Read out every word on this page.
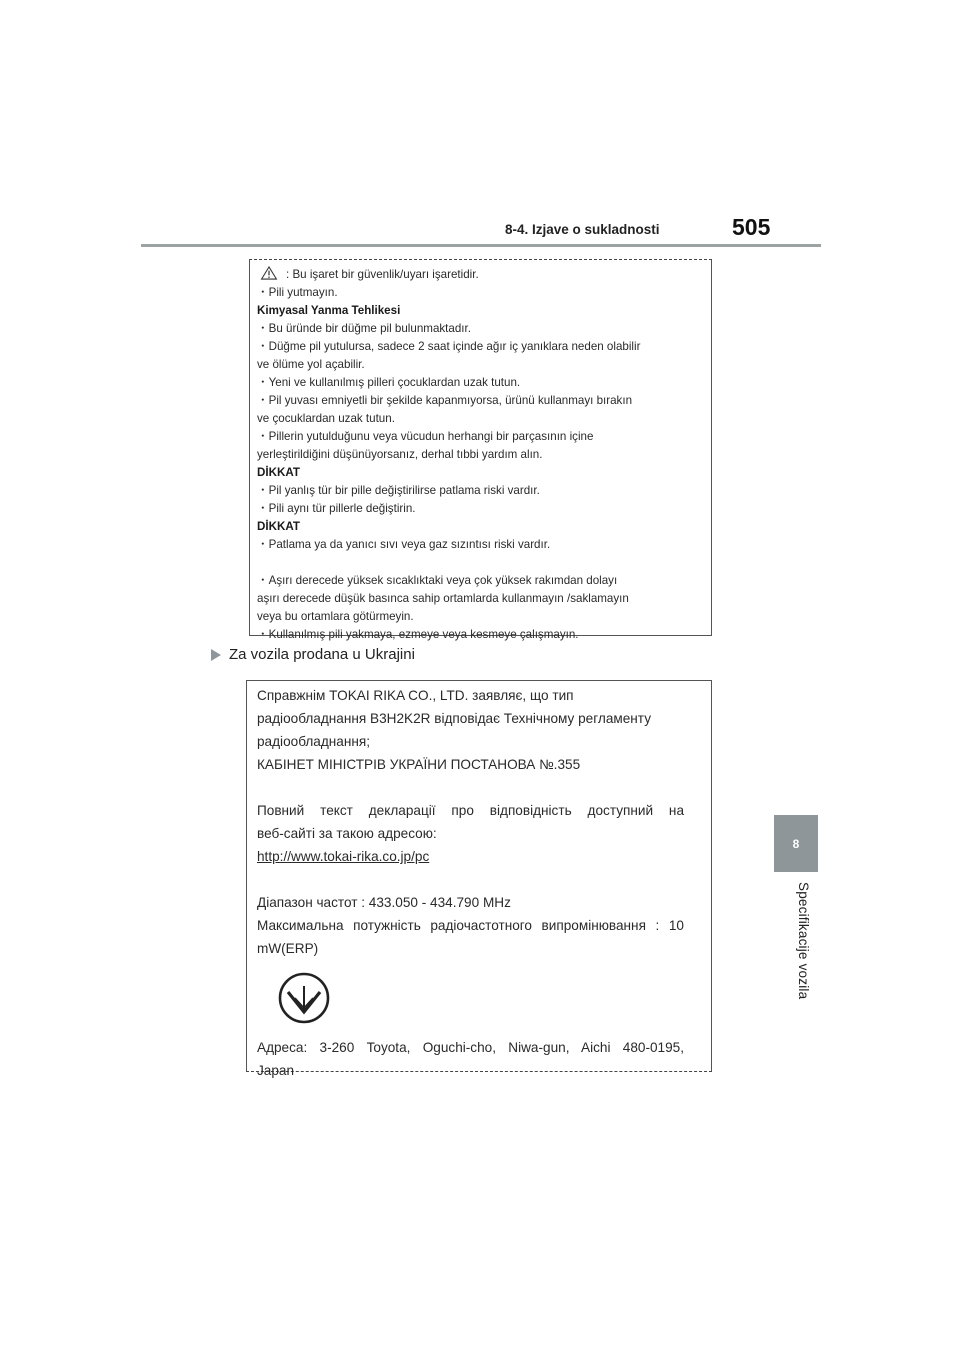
8-4. Izjave o sukladnosti	505
8
Specifikacije vozila
: Bu işaret bir güvenlik/uyarı işaretidir.
・Pili yutmayın.
Kimyasal Yanma Tehlikesi
・Bu üründe bir düğme pil bulunmaktadır.
・Düğme pil yutulursa, sadece 2 saat içinde ağır iç yanıklara neden olabilir
ve ölüme yol açabilir.
・Yeni ve kullanılmış pilleri çocuklardan uzak tutun.
・Pil yuvası emniyetli bir şekilde kapanmıyorsa, ürünü kullanmayı bırakın
ve çocuklardan uzak tutun.
・Pillerin yutulduğunu veya vücudun herhangi bir parçasının içine
yerleştirildiğini düşünüyorsanız, derhal tıbbi yardım alın.
DİKKAT
・Pil yanlış tür bir pille değiştirilirse patlama riski vardır.
・Pili aynı tür pillerle değiştirin.
DİKKAT
・Patlama ya da yanıcı sıvı veya gaz sızıntısı riski vardır.
・Aşırı derecede yüksek sıcaklıktaki veya çok yüksek rakımdan dolayı
aşırı derecede düşük basınca sahip ortamlarda kullanmayın /saklamayın
veya bu ortamlara götürmeyin.
・Kullanılmış pili yakmaya, ezmeye veya kesmeye çalışmayın.
Za vozila prodana u Ukrajini
Справжнім TOKAI RIKA CO., LTD. заявляє, що тип
радіообладнання B3H2K2R відповідає Технічному регламенту
радіообладнання;
КАБІНЕТ МІНІСТРІВ УКРАЇНИ ПОСТАНОВА №.355
Повний текст декларації про відповідність доступний на
веб-сайті за такою адресою:
http://www.tokai-rika.co.jp/pc
Діапазон частот : 433.050 - 434.790 MHz
Максимальна потужність радіочастотного випромінювання : 10
mW(ERP)
Адреса: 3-260 Toyota, Oguchi-cho, Niwa-gun, Aichi 480-0195,
Japan
